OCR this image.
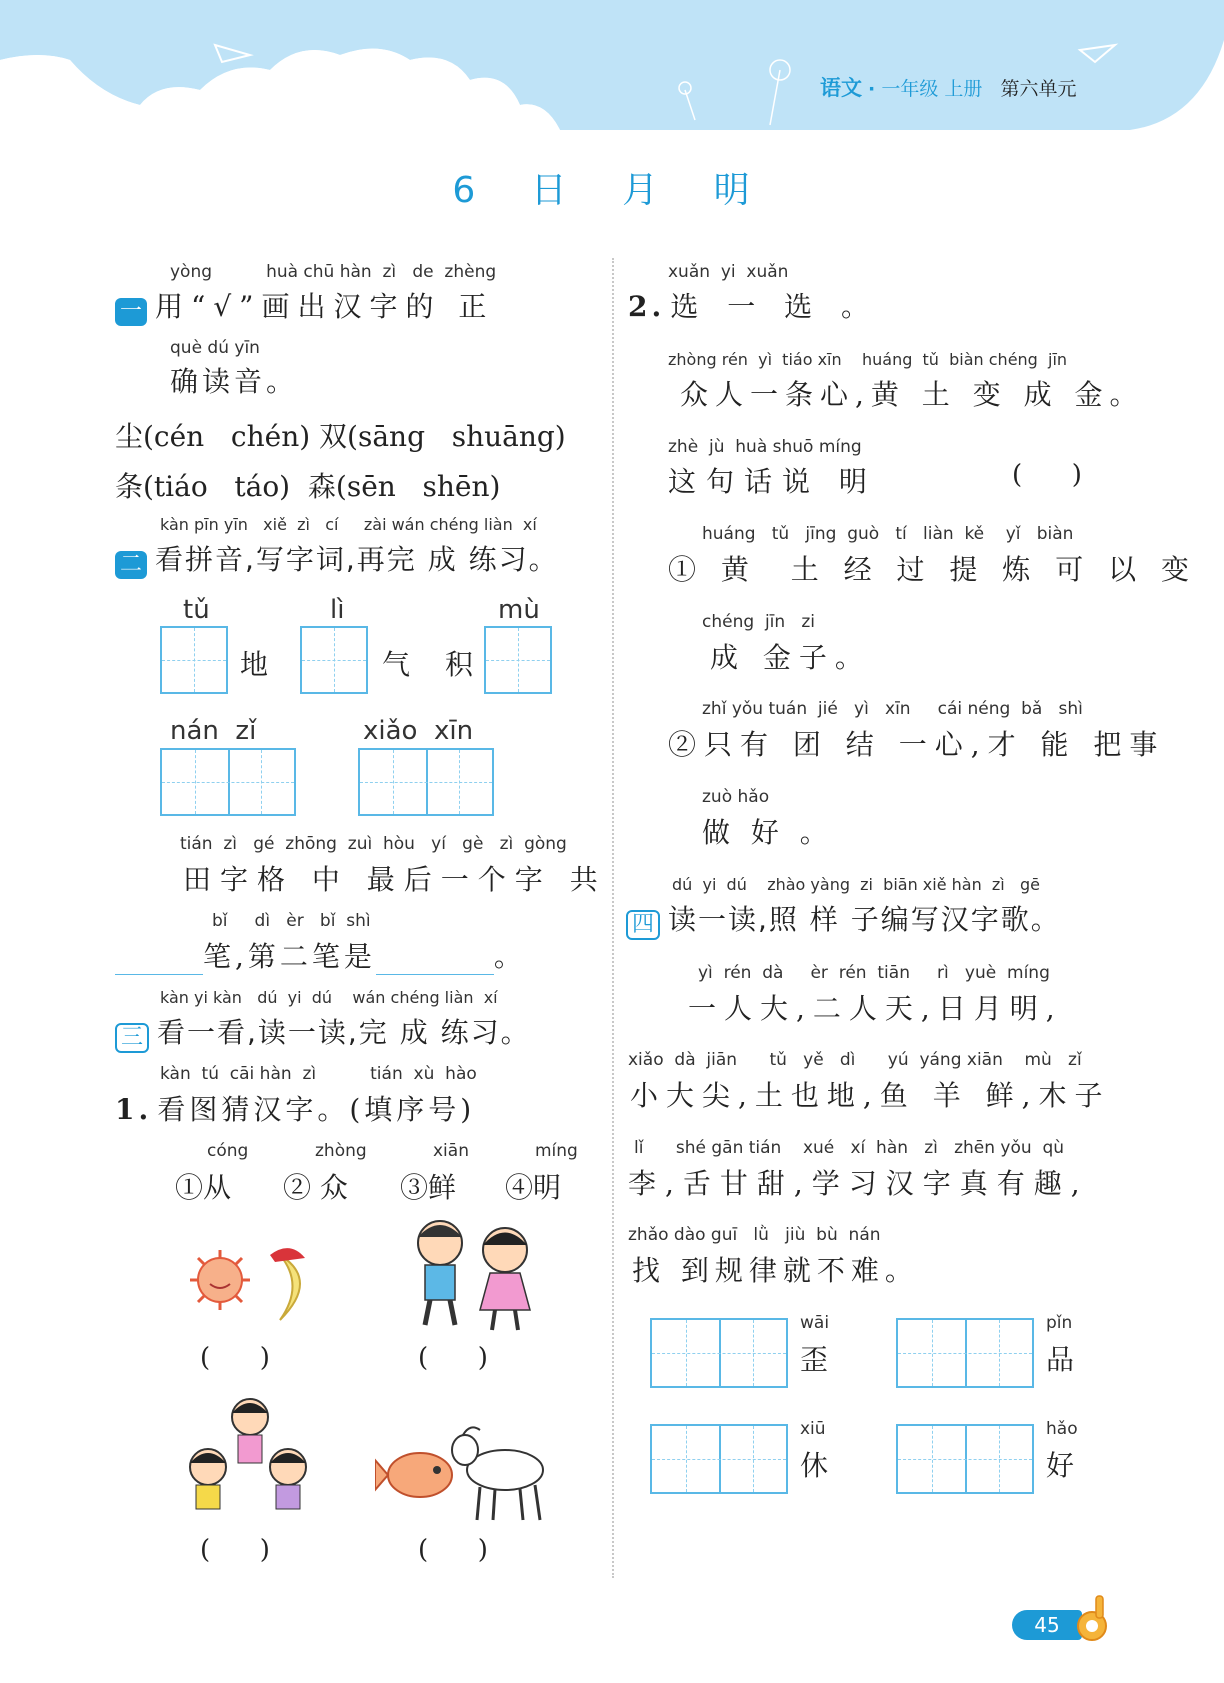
语文 · 一年级 上册 第六单元
6 日 月 明
yòng          huà chū hàn  zì   de  zhèng
一 用“√”画出汉字的 正
què dú yīn
确读音。
尘(cén   chén) 双(sāng   shuāng)
条(tiáo   táo)  森(sēn   shēn)
kàn pīn yīn   xiě  zì   cí     zài wán chéng liàn  xí
二 看拼音,写字词,再完 成 练习。
tǔ	lì	mù
地	气 积
nán  zǐ	xiǎo  xīn
tián  zì   gé  zhōng  zuì  hòu   yí   gè   zì  gòng
田字格 中 最后一个字 共
bǐ     dì   èr   bǐ  shì
笔,第二笔是	。
kàn yi kàn   dú  yi  dú    wán chéng liàn  xí
三 看一看,读一读,完 成 练习。
kàn  tú  cāi hàn  zì          tián  xù  hào
1. 看图猜汉字。(填序号)
cóng	zhòng	xiān	míng
①从 ② 众 ③鲜 ④明
(      )	(      )
(      )	(      )
xuǎn  yi  xuǎn
2. 选 一 选 。
zhòng rén  yì  tiáo xīn    huáng  tǔ  biàn chéng  jīn
众人一条心,黄 土 变 成 金。
zhè  jù  huà shuō míng
这句话说 明	(      )
huáng   tǔ   jīng  guò   tí   liàn  kě    yǐ   biàn
① 黄  土 经 过 提 炼 可 以 变
chéng  jīn   zi
成 金子。
zhǐ yǒu tuán  jié   yì   xīn     cái néng  bǎ   shì
②只有 团 结 一心,才 能 把事
zuò hǎo
做 好 。
dú  yi  dú    zhào yàng  zi  biān xiě hàn  zì   gē
四 读一读,照 样 子编写汉字歌。
yì  rén  dà     èr  rén  tiān     rì   yuè  míng
一人大,二人天,日月明,
xiǎo  dà  jiān      tǔ   yě   dì      yú  yáng xiān    mù   zǐ
小大尖,土也地,鱼 羊 鲜,木子
lǐ      shé gān tián    xué   xí  hàn   zì   zhēn yǒu  qù
李,舌甘甜,学习汉字真有趣,
zhǎo dào guī   lǜ   jiù  bù  nán
找 到规律就不难。
wāi
歪
pǐn
品
xiū
休
hǎo
好
45
